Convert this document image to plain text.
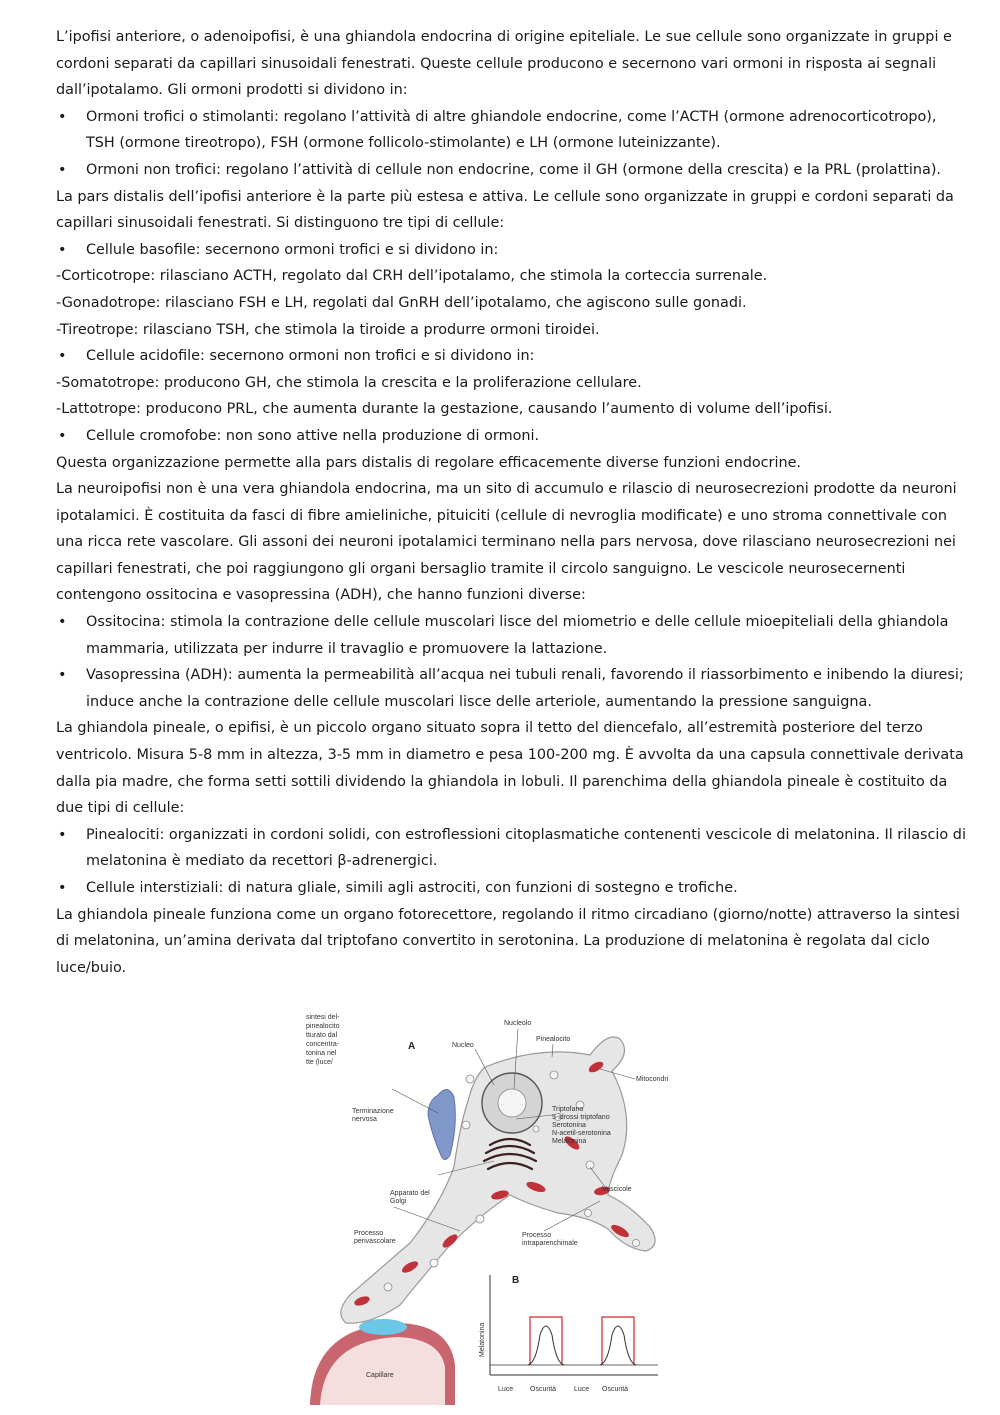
L’ipofisi anteriore, o adenoipofisi, è una ghiandola endocrina di origine epiteliale. Le sue cellule sono organizzate in gruppi e cordoni separati da capillari sinusoidali fenestrati. Queste cellule producono e secernono vari ormoni in risposta ai segnali dall’ipotalamo. Gli ormoni prodotti si dividono in:

• Ormoni trofici o stimolanti: regolano l’attività di altre ghiandole endocrine, come l’ACTH (ormone adrenocorticotropo), TSH (ormone tireotropo), FSH (ormone follicolo-stimolante) e LH (ormone luteinizzante).

• Ormoni non trofici: regolano l’attività di cellule non endocrine, come il GH (ormone della crescita) e la PRL (prolattina).

La pars distalis dell’ipofisi anteriore è la parte più estesa e attiva. Le cellule sono organizzate in gruppi e cordoni separati da capillari sinusoidali fenestrati. Si distinguono tre tipi di cellule:

• Cellule basofile: secernono ormoni trofici e si dividono in:

-Corticotrope: rilasciano ACTH, regolato dal CRH dell’ipotalamo, che stimola la corteccia surrenale.

-Gonadotrope: rilasciano FSH e LH, regolati dal GnRH dell’ipotalamo, che agiscono sulle gonadi.

-Tireotrope: rilasciano TSH, che stimola la tiroide a produrre ormoni tiroidei.

• Cellule acidofile: secernono ormoni non trofici e si dividono in:

-Somatotrope: producono GH, che stimola la crescita e la proliferazione cellulare.

-Lattotrope: producono PRL, che aumenta durante la gestazione, causando l’aumento di volume dell’ipofisi.

• Cellule cromofobe: non sono attive nella produzione di ormoni.

Questa organizzazione permette alla pars distalis di regolare efficacemente diverse funzioni endocrine.

La neuroipofisi non è una vera ghiandola endocrina, ma un sito di accumulo e rilascio di neurosecrezioni prodotte da neuroni ipotalamici. È costituita da fasci di fibre amieliniche, pituiciti (cellule di nevroglia modificate) e uno stroma connettivale con una ricca rete vascolare. Gli assoni dei neuroni ipotalamici terminano nella pars nervosa, dove rilasciano neurosecrezioni nei capillari fenestrati, che poi raggiungono gli organi bersaglio tramite il circolo sanguigno. Le vescicole neurosecernenti contengono ossitocina e vasopressina (ADH), che hanno funzioni diverse:

• Ossitocina: stimola la contrazione delle cellule muscolari lisce del miometrio e delle cellule mioepiteliali della ghiandola mammaria, utilizzata per indurre il travaglio e promuovere la lattazione.

• Vasopressina (ADH): aumenta la permeabilità all’acqua nei tubuli renali, favorendo il riassorbimento e inibendo la diuresi; induce anche la contrazione delle cellule muscolari lisce delle arteriole, aumentando la pressione sanguigna.

La ghiandola pineale, o epifisi, è un piccolo organo situato sopra il tetto del diencefalo, all’estremità posteriore del terzo ventricolo. Misura 5-8 mm in altezza, 3-5 mm in diametro e pesa 100-200 mg. È avvolta da una capsula connettivale derivata dalla pia madre, che forma setti sottili dividendo la ghiandola in lobuli. Il parenchima della ghiandola pineale è costituito da due tipi di cellule:

• Pinealociti: organizzati in cordoni solidi, con estroflessioni citoplasmatiche contenenti vescicole di melatonina. Il rilascio di melatonina è mediato da recettori β-adrenergici.

• Cellule interstiziali: di natura gliale, simili agli astrociti, con funzioni di sostegno e trofiche.

La ghiandola pineale funziona come un organo fotorecettore, regolando il ritmo circadiano (giorno/notte) attraverso la sintesi di melatonina, un’amina derivata dal triptofano convertito in serotonina. La produzione di melatonina è regolata dal ciclo luce/buio.

sintesi del-
pinealocito
tturato dal
concentra-
tonina nel
tte (luce/
A
Capillare
Nucleolo
Nucleo
Pinealocito
Mitocondri
Triptofano
5-idrossi triptofano
Serotonina
N-acetil-serotonina
Melatonina
Terminazione
nervosa
Apparato del
Golgi
Vescicole
Processo
perivascolare
Processo
intraparenchimale
B
Melatonina
Luce Oscurità	Luce Oscurità
